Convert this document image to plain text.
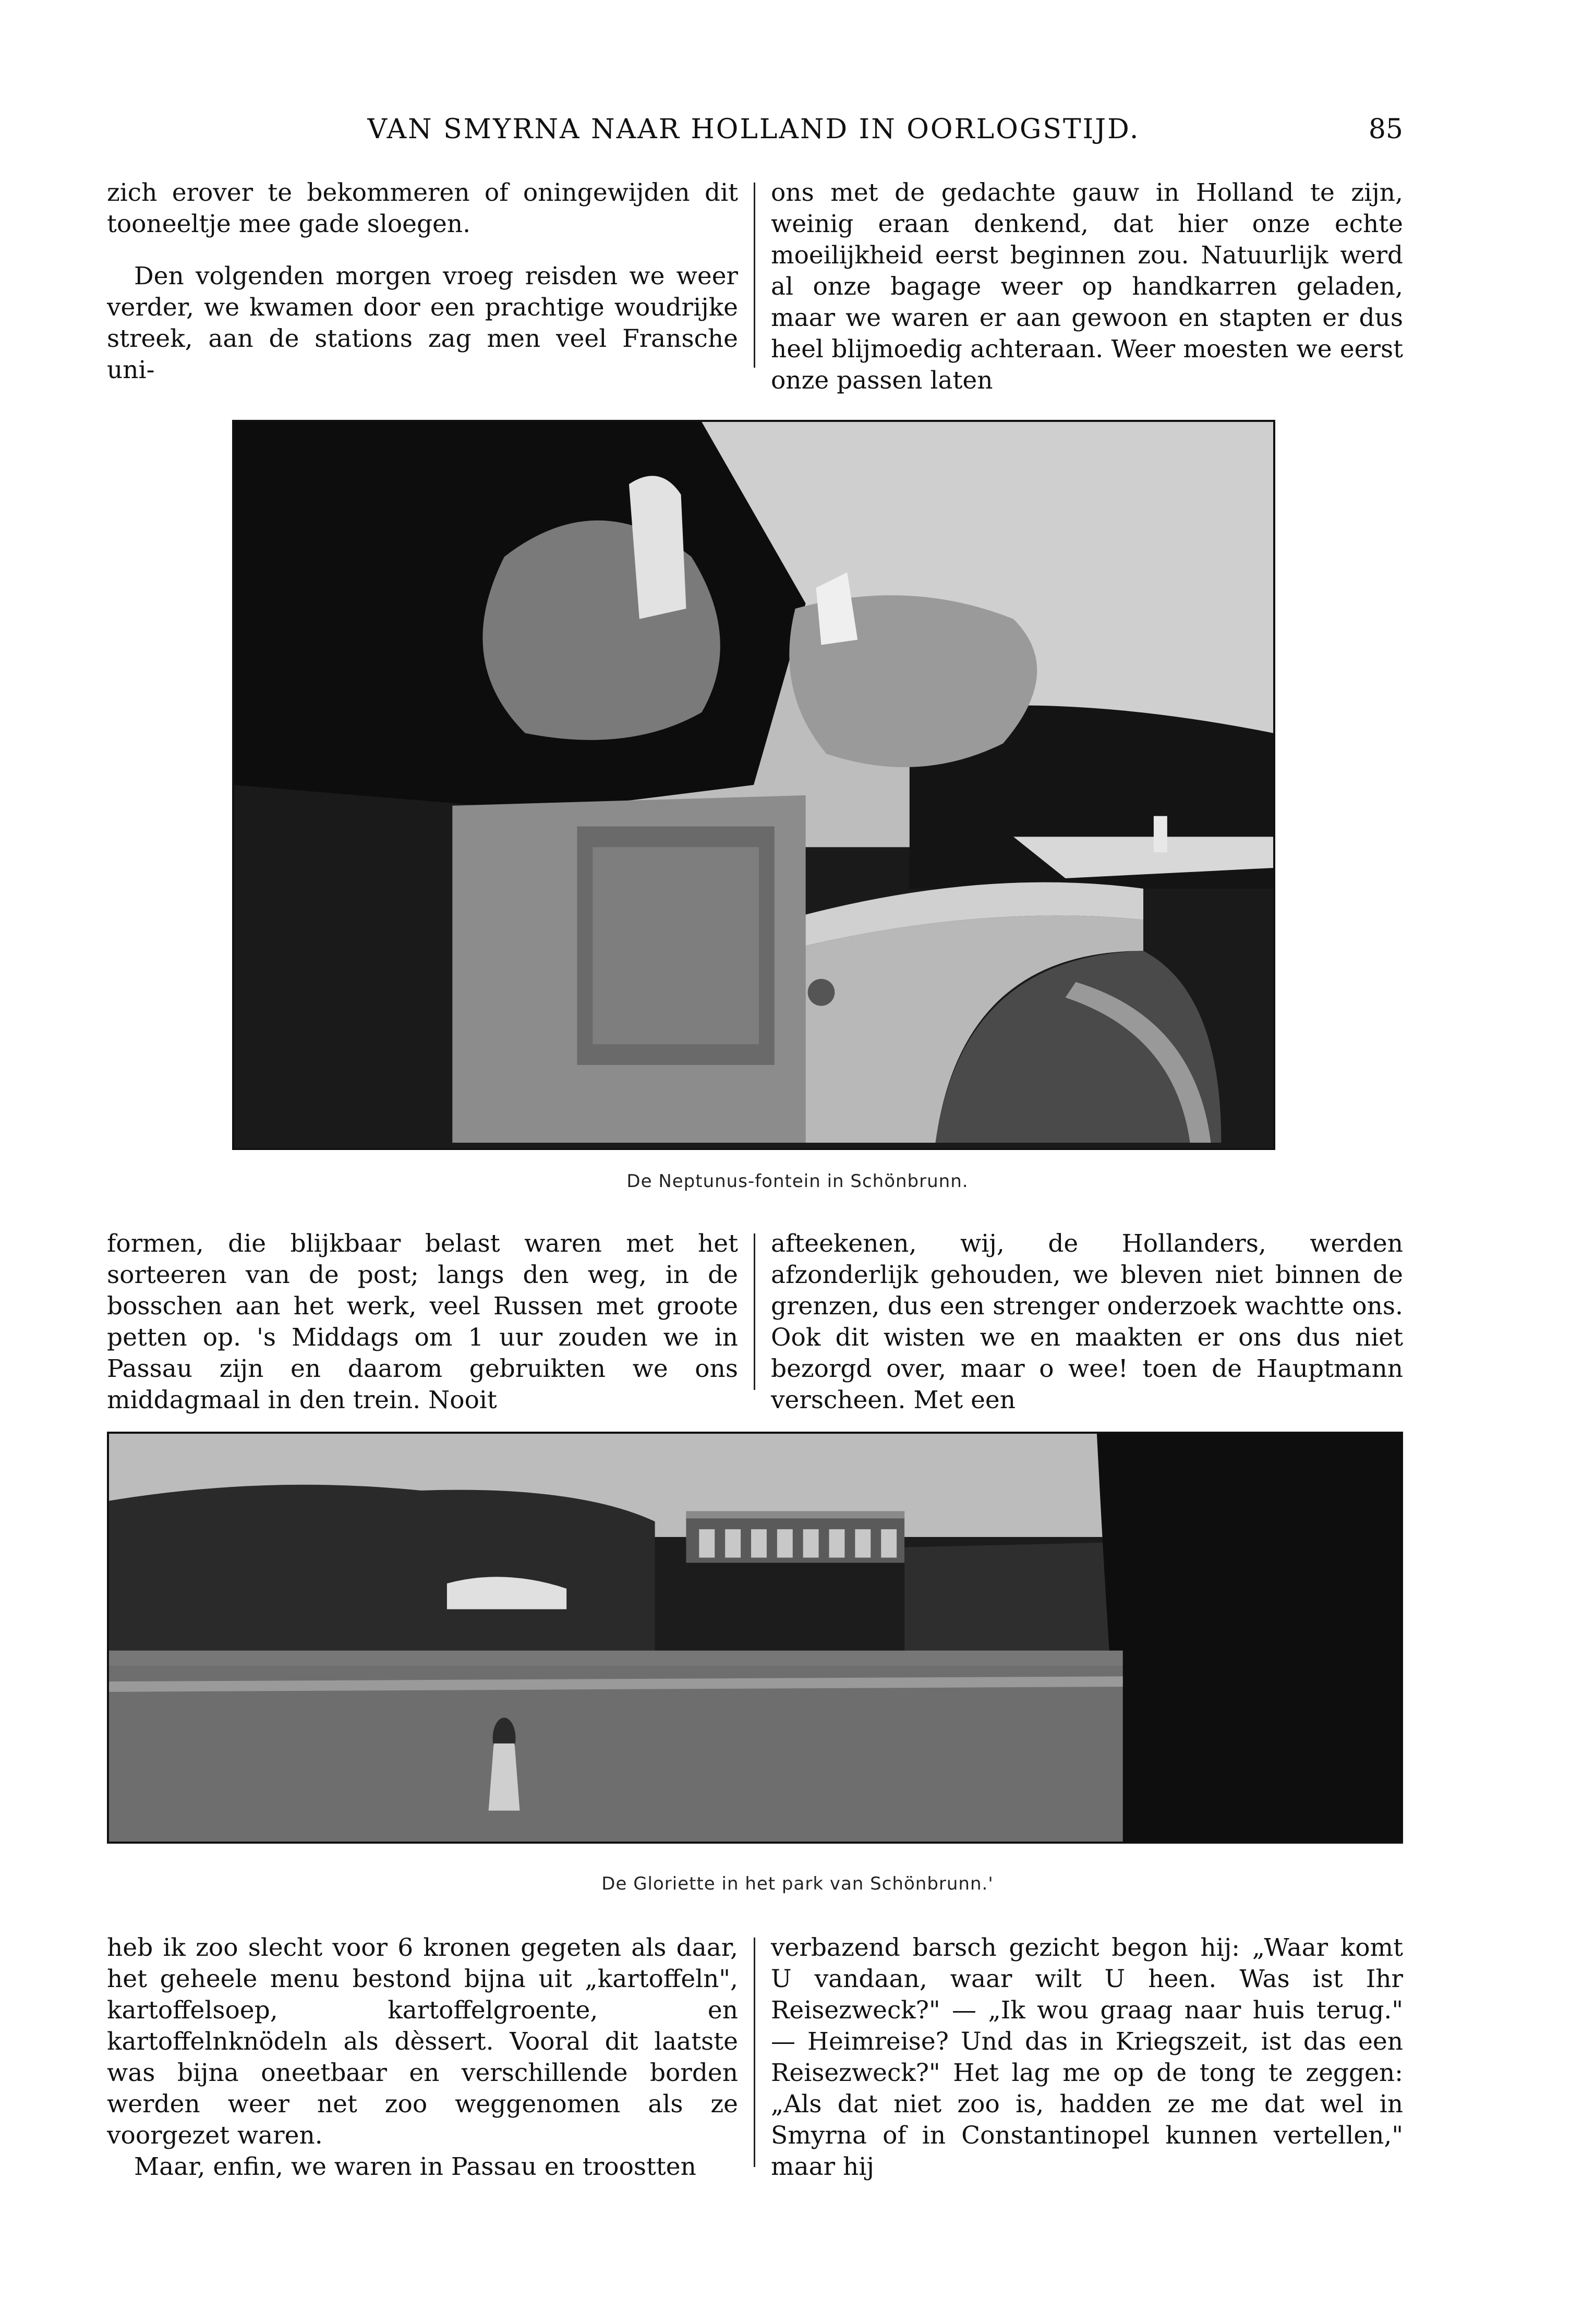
VAN SMYRNA NAAR HOLLAND IN OORLOGSTIJD.	85

zich erover te bekommeren of oningewijden dit tooneeltje mee gade sloegen.

Den volgenden morgen vroeg reisden we weer verder, we kwamen door een prachtige woudrijke streek, aan de stations zag men veel Fransche uni-

ons met de gedachte gauw in Holland te zijn, weinig eraan denkend, dat hier onze echte moeilijkheid eerst beginnen zou. Natuurlijk werd al onze bagage weer op handkarren geladen, maar we waren er aan gewoon en stapten er dus heel blijmoedig achteraan. Weer moesten we eerst onze passen laten

De Neptunus-fontein in Schönbrunn.

formen, die blijkbaar belast waren met het sorteeren van de post; langs den weg, in de bosschen aan het werk, veel Russen met groote petten op. 's Middags om 1 uur zouden we in Passau zijn en daarom gebruikten we ons middagmaal in den trein. Nooit

afteekenen, wij, de Hollanders, werden afzonderlijk gehouden, we bleven niet binnen de grenzen, dus een strenger onderzoek wachtte ons. Ook dit wisten we en maakten er ons dus niet bezorgd over, maar o wee! toen de Hauptmann verscheen. Met een

De Gloriette in het park van Schönbrunn.'

heb ik zoo slecht voor 6 kronen gegeten als daar, het geheele menu bestond bijna uit „kartoffeln", kartoffelsoep, kartoffelgroente, en kartoffelnknödeln als dèssert. Vooral dit laatste was bijna oneetbaar en verschillende borden werden weer net zoo weggenomen als ze voorgezet waren.

Maar, enfin, we waren in Passau en troostten

verbazend barsch gezicht begon hij: „Waar komt U vandaan, waar wilt U heen. Was ist Ihr Reisezweck?" — „Ik wou graag naar huis terug." — Heimreise? Und das in Kriegszeit, ist das een Reisezweck?" Het lag me op de tong te zeggen: „Als dat niet zoo is, hadden ze me dat wel in Smyrna of in Constantinopel kunnen vertellen," maar hij
